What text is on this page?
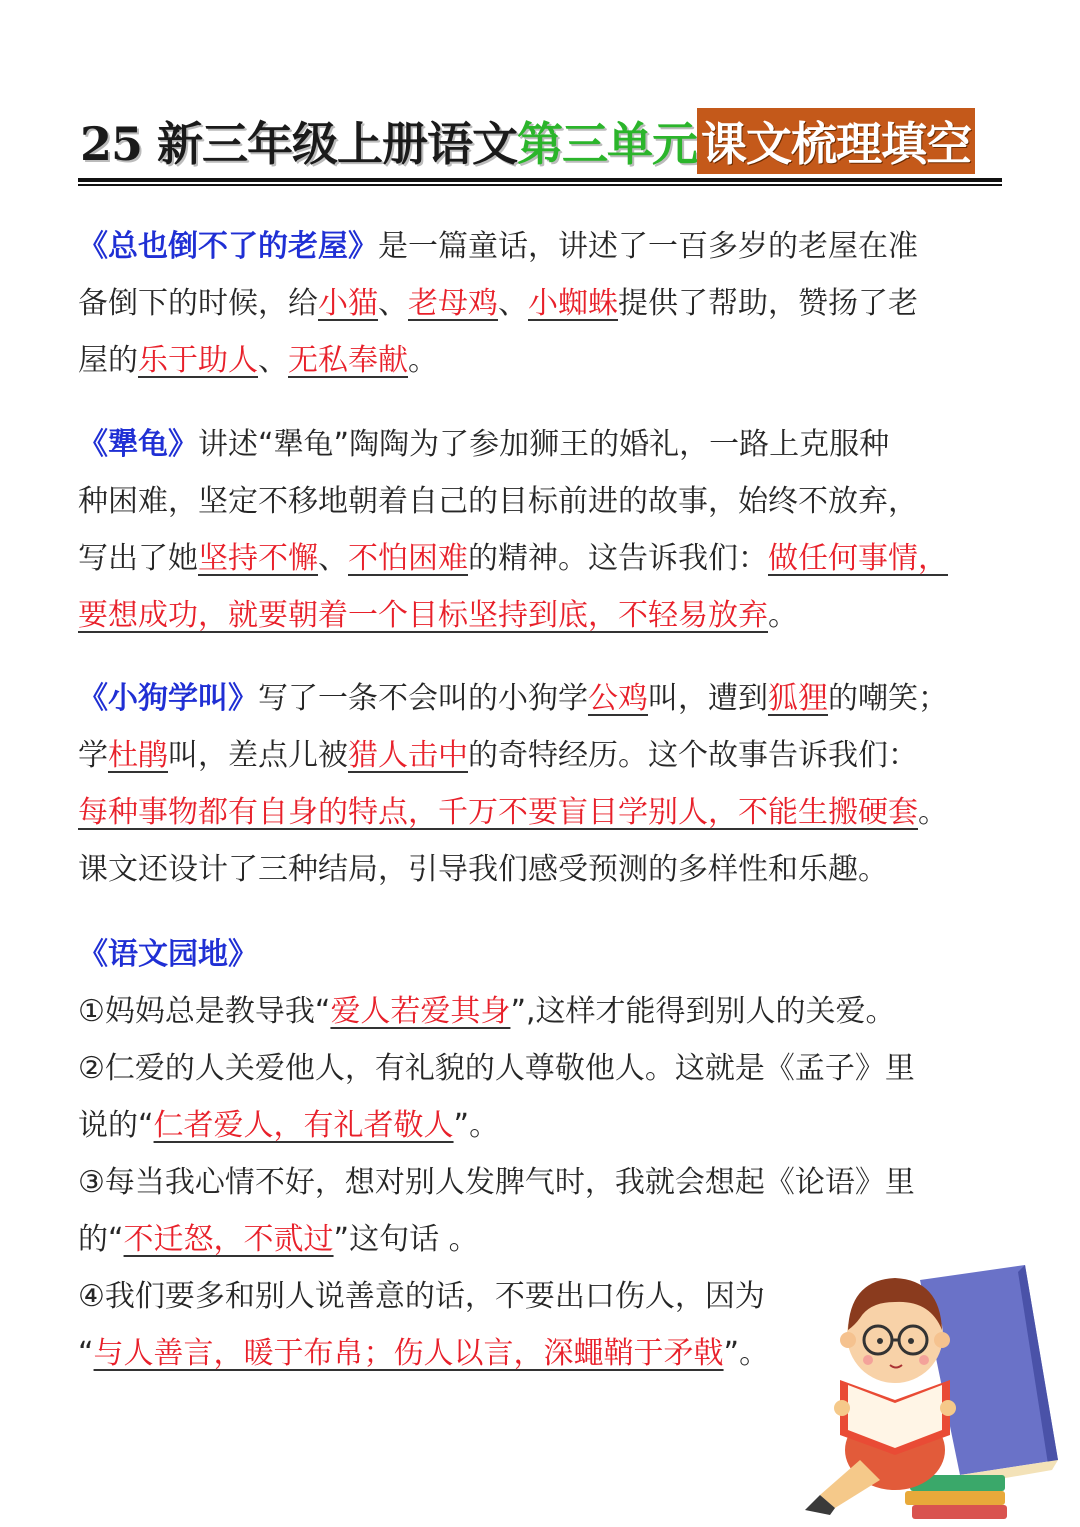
25 新三年级上册语文 第三单元 课文梳理填空
《总也倒不了的老屋》是一篇童话，讲述了一百多岁的老屋在准
备倒下的时候，给小猫、老母鸡、小蜘蛛提供了帮助，赞扬了老
屋的乐于助人、无私奉献。
《犟龟》讲述“犟龟”陶陶为了参加狮王的婚礼，一路上克服种
种困难，坚定不移地朝着自己的目标前进的故事，始终不放弃，
写出了她坚持不懈、不怕困难的精神。这告诉我们：做任何事情，
要想成功，就要朝着一个目标坚持到底，不轻易放弃。
《小狗学叫》写了一条不会叫的小狗学公鸡叫，遭到狐狸的嘲笑；
学杜鹃叫，差点儿被猎人击中的奇特经历。这个故事告诉我们：
每种事物都有自身的特点，千万不要盲目学别人，不能生搬硬套。
课文还设计了三种结局，引导我们感受预测的多样性和乐趣。
《语文园地》
①妈妈总是教导我“爱人若爱其身”,这样才能得到别人的关爱。
②仁爱的人关爱他人，有礼貌的人尊敬他人。这就是《孟子》里
说的“仁者爱人，有礼者敬人”。
③每当我心情不好，想对别人发脾气时，我就会想起《论语》里
的“不迁怒，不贰过”这句话 。
④我们要多和别人说善意的话，不要出口伤人，因为
“与人善言，暖于布帛；伤人以言，深蠅鞘于矛戟”。
